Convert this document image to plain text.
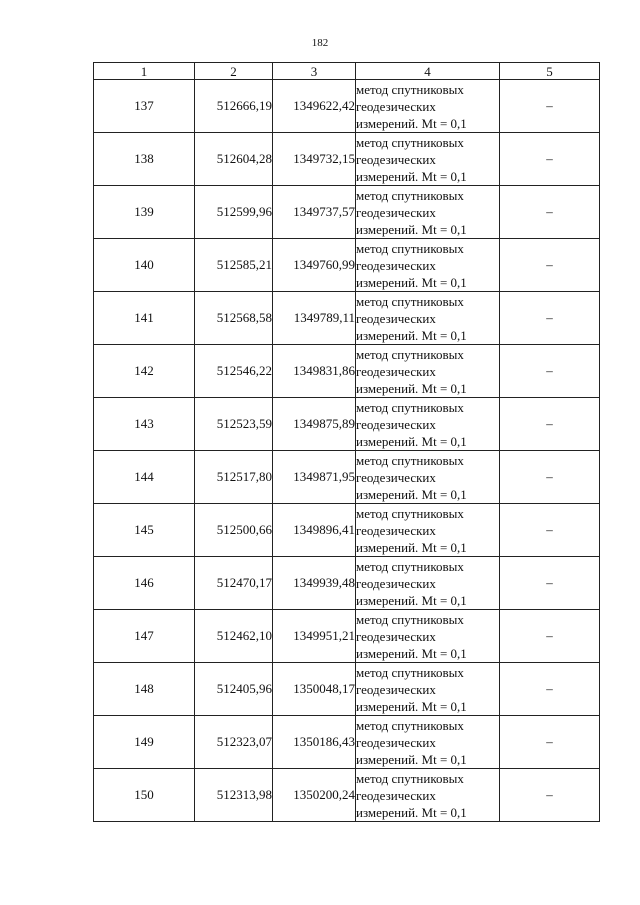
182
1	2	3	4	5
137	512666,19	1349622,42	метод спутниковых
геодезических
измерений. Mt = 0,1	–
138	512604,28	1349732,15	метод спутниковых
геодезических
измерений. Mt = 0,1	–
139	512599,96	1349737,57	метод спутниковых
геодезических
измерений. Mt = 0,1	–
140	512585,21	1349760,99	метод спутниковых
геодезических
измерений. Mt = 0,1	–
141	512568,58	1349789,11	метод спутниковых
геодезических
измерений. Mt = 0,1	–
142	512546,22	1349831,86	метод спутниковых
геодезических
измерений. Mt = 0,1	–
143	512523,59	1349875,89	метод спутниковых
геодезических
измерений. Mt = 0,1	–
144	512517,80	1349871,95	метод спутниковых
геодезических
измерений. Mt = 0,1	–
145	512500,66	1349896,41	метод спутниковых
геодезических
измерений. Mt = 0,1	–
146	512470,17	1349939,48	метод спутниковых
геодезических
измерений. Mt = 0,1	–
147	512462,10	1349951,21	метод спутниковых
геодезических
измерений. Mt = 0,1	–
148	512405,96	1350048,17	метод спутниковых
геодезических
измерений. Mt = 0,1	–
149	512323,07	1350186,43	метод спутниковых
геодезических
измерений. Mt = 0,1	–
150	512313,98	1350200,24	метод спутниковых
геодезических
измерений. Mt = 0,1	–
